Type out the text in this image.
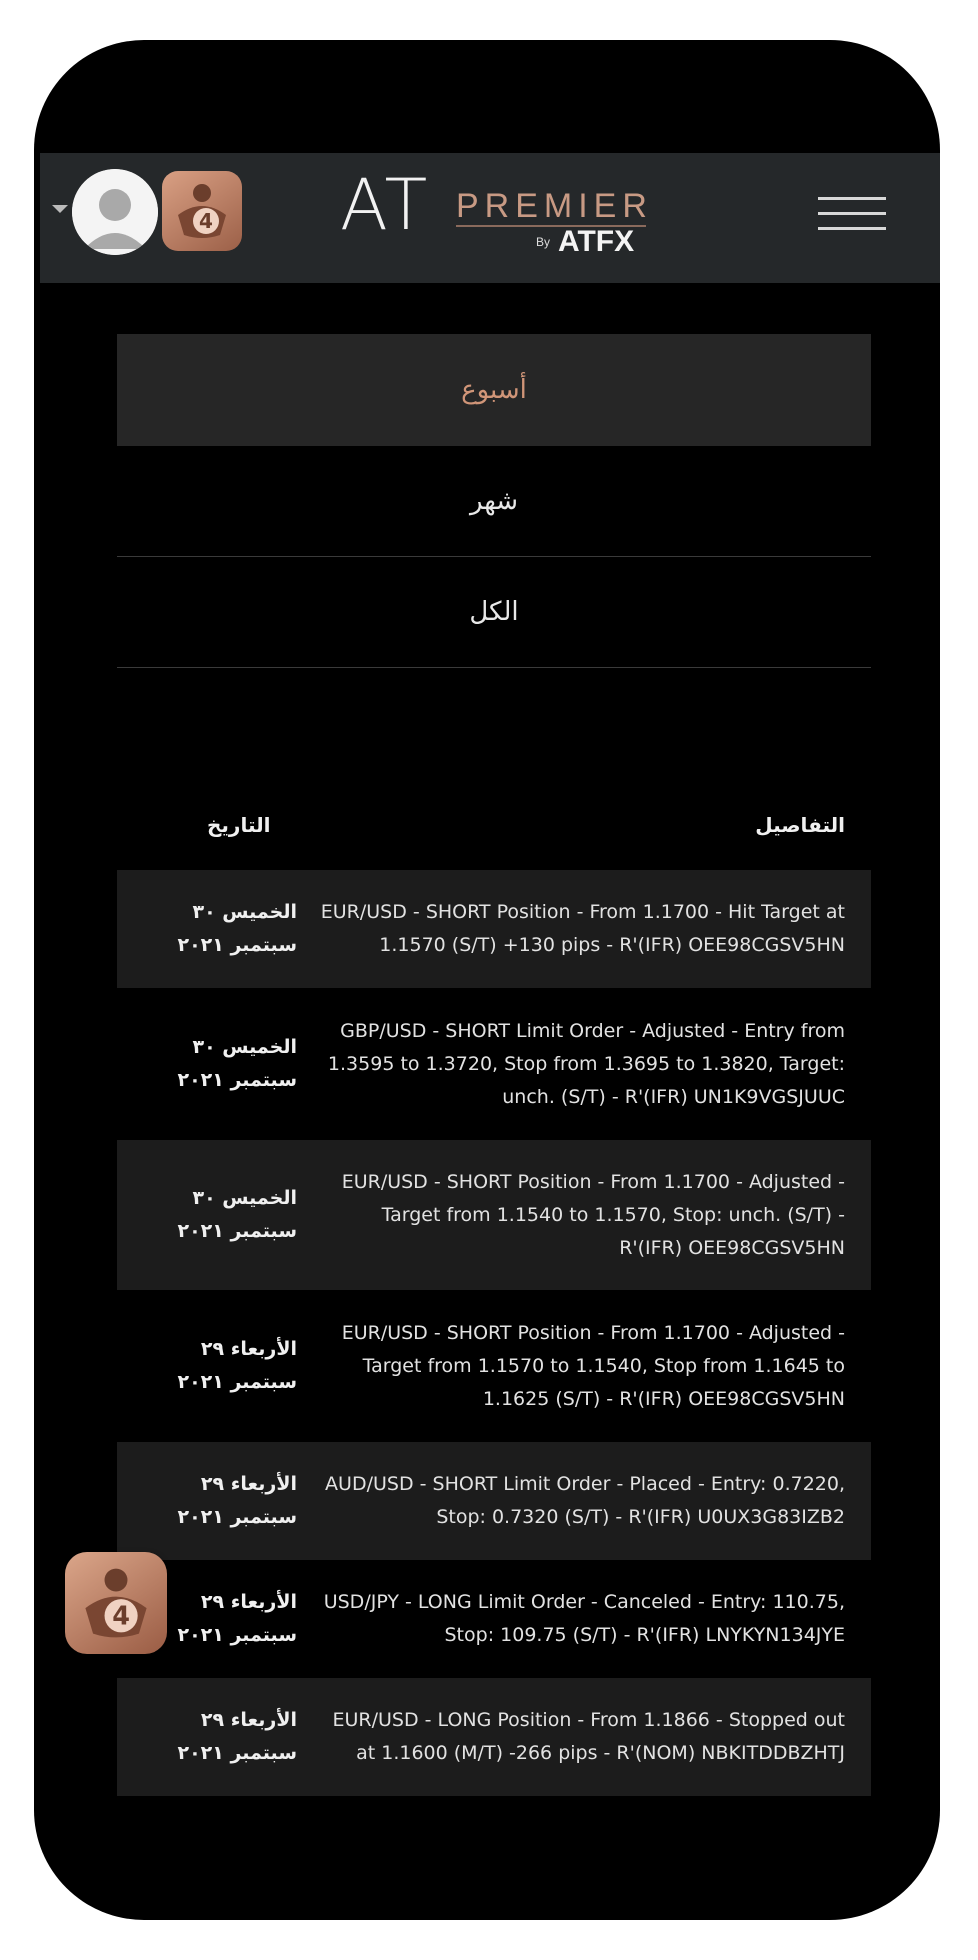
4 AT PREMIER
By ATFX
أسبوع
شهر
الكل
التفاصيل
التاريخ
الخميس ٣٠
سبتمبر ٢٠٢١
EUR/USD - SHORT Position - From 1.1700 - Hit Target at 1.1570 (S/T) +130 pips - R'(IFR) OEE98CGSV5HN
الخميس ٣٠
سبتمبر ٢٠٢١
GBP/USD - SHORT Limit Order - Adjusted - Entry from 1.3595 to 1.3720, Stop from 1.3695 to 1.3820, Target: unch. (S/T) - R'(IFR) UN1K9VGSJUUC
الخميس ٣٠
سبتمبر ٢٠٢١
EUR/USD - SHORT Position - From 1.1700 - Adjusted - Target from 1.1540 to 1.1570, Stop: unch. (S/T) - R'(IFR) OEE98CGSV5HN
الأربعاء ٢٩
سبتمبر ٢٠٢١
EUR/USD - SHORT Position - From 1.1700 - Adjusted - Target from 1.1570 to 1.1540, Stop from 1.1645 to 1.1625 (S/T) - R'(IFR) OEE98CGSV5HN
الأربعاء ٢٩
سبتمبر ٢٠٢١
AUD/USD - SHORT Limit Order - Placed - Entry: 0.7220, Stop: 0.7320 (S/T) - R'(IFR) U0UX3G83IZB2
الأربعاء ٢٩
سبتمبر ٢٠٢١
USD/JPY - LONG Limit Order - Canceled - Entry: 110.75, Stop: 109.75 (S/T) - R'(IFR) LNYKYN134JYE
الأربعاء ٢٩
سبتمبر ٢٠٢١
EUR/USD - LONG Position - From 1.1866 - Stopped out at 1.1600 (M/T) -266 pips - R'(NOM) NBKITDDBZHTJ
4
